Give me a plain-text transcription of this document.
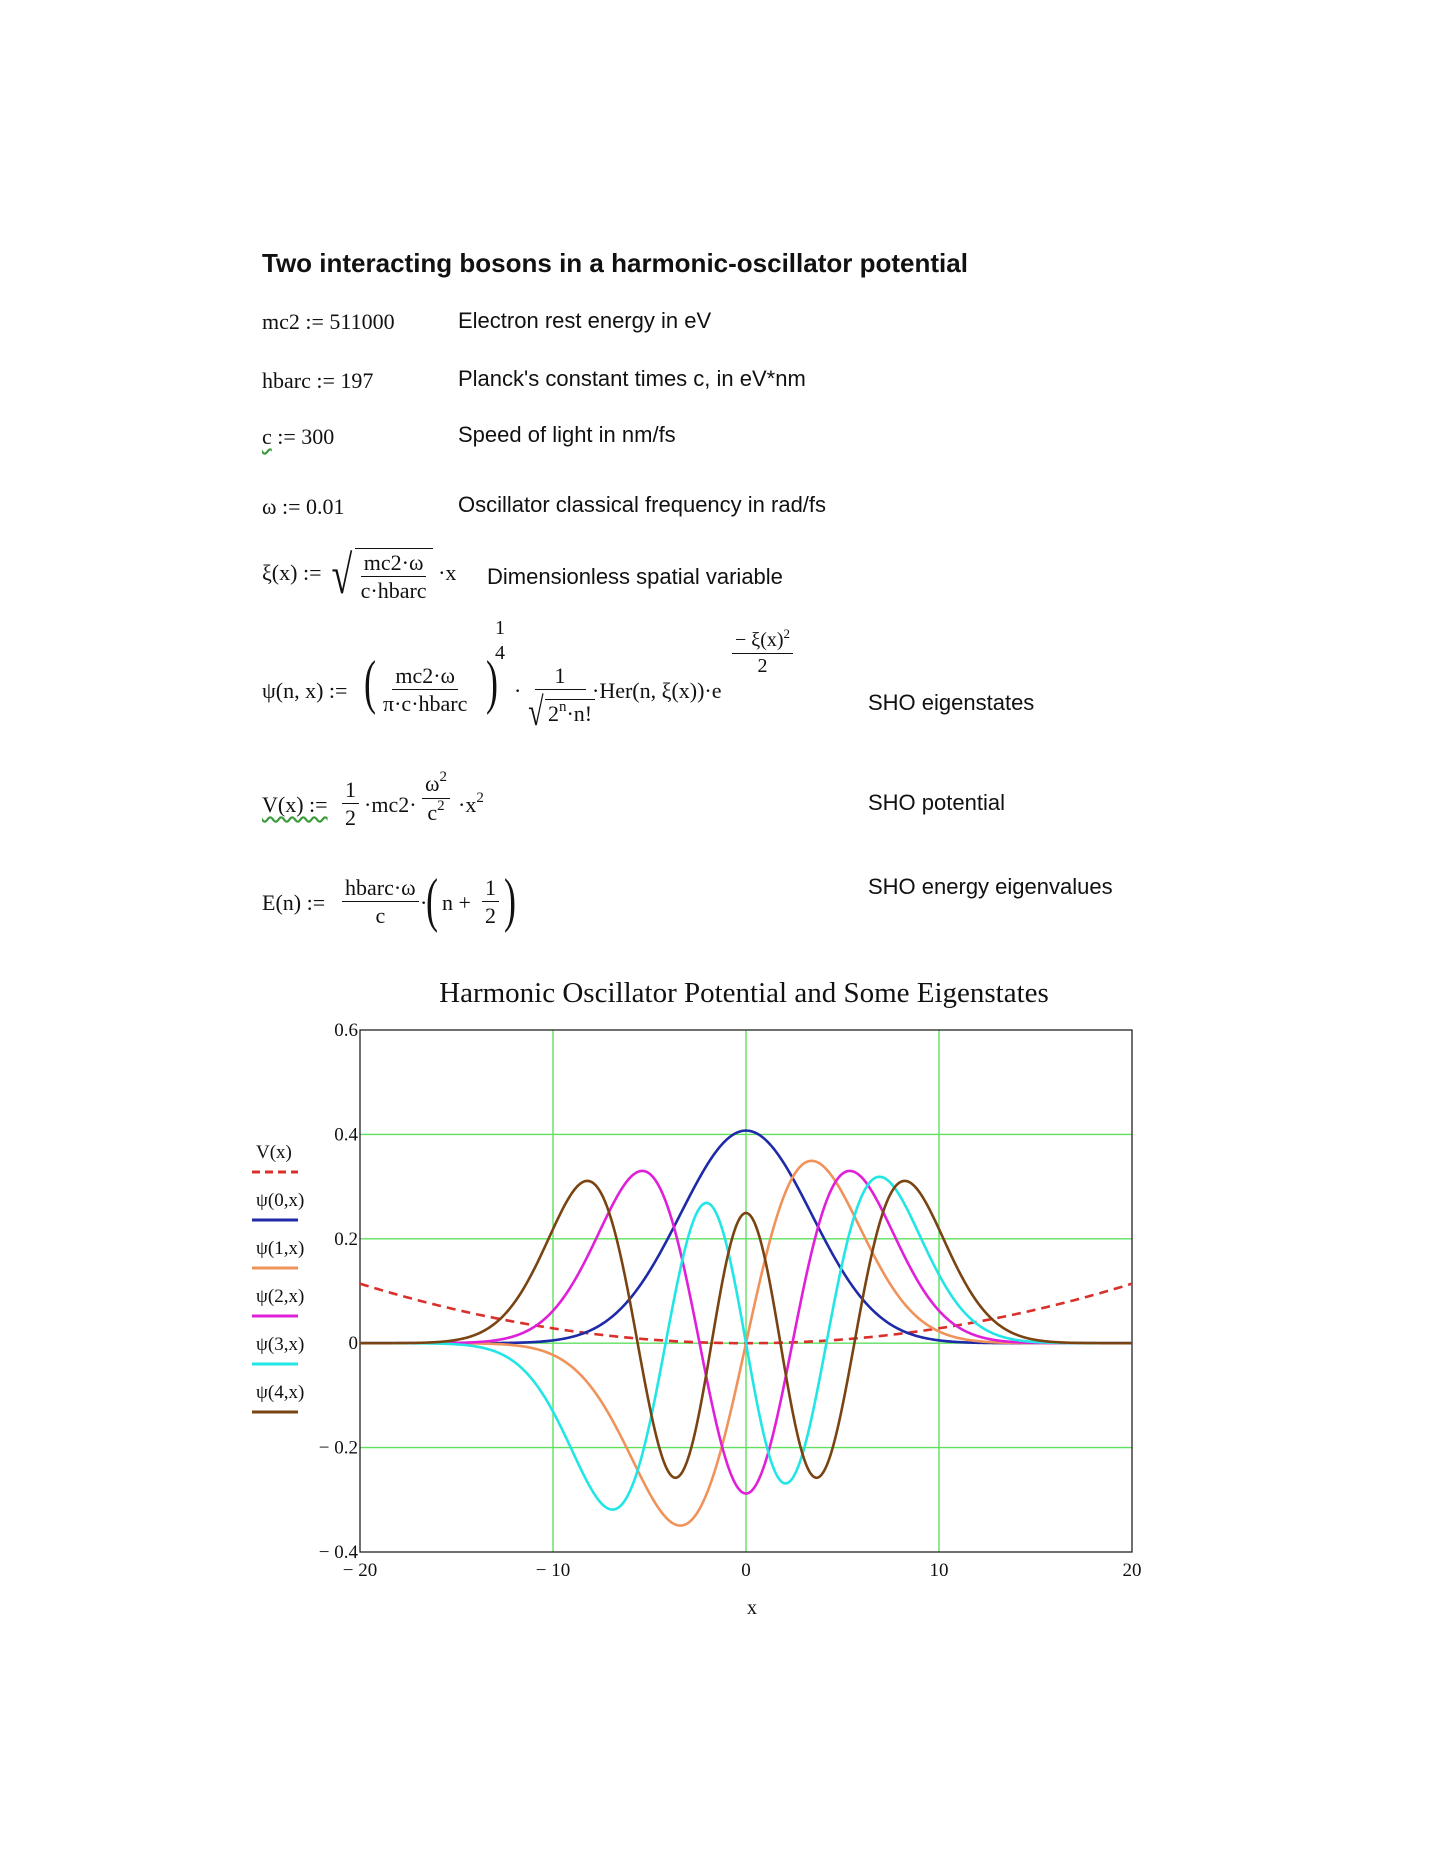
Two interacting bosons in a harmonic-oscillator potential
mc2 := 511000	Electron rest energy in eV
hbarc := 197	Planck's constant times c, in eV*nm
c := 300	Speed of light in nm/fs
ω := 0.01	Oscillator classical frequency in rad/fs
ξ(x) := √ $\frac{mc2\cdot\omega}{\text{c·hbarc}} \cdot x$ Dimensionless spatial variable
ψ(n, x) := ( mc2·ω
π·c·hbarc )
1
4
· $\frac{1}{√ 2^n\cdot n!}$
·Her(n, ξ(x))·e
$\frac{- \xi(x)^2}{2}$
SHO eigenstates
V(x) := $\frac{1}{2} \cdot mc2\cdot \frac{\omega^2}{c^2} \cdot x^2$	SHO potential
E(n) :=
hbarc·ω
c
·
( $n + \frac{1}{2}$ )	SHO energy eigenvalues
Harmonic Oscillator Potential and Some Eigenstates
− 20	− 10	0	10	20
− 0.4
− 0.2
0
0.2
0.4
0.6
x
V(x)
ψ(0,x)
ψ(1,x)
ψ(2,x)
ψ(3,x)
ψ(4,x)
